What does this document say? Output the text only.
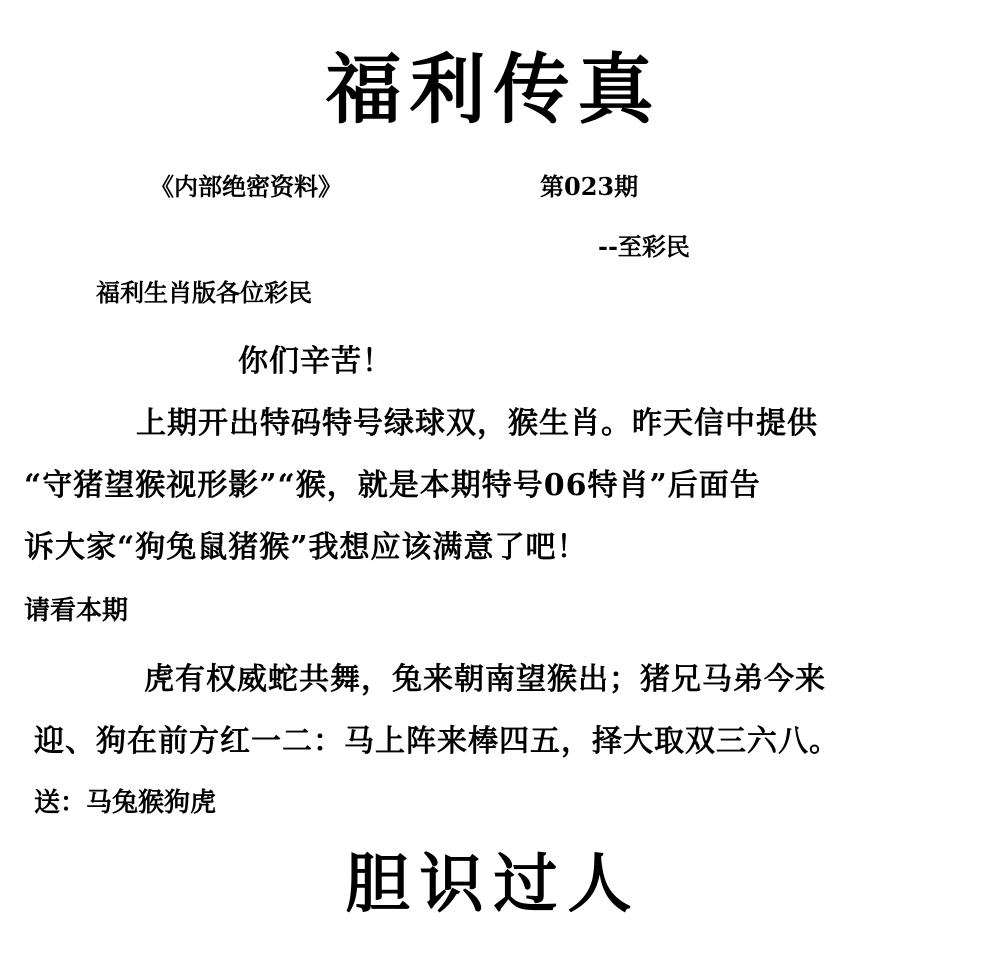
福利传真
《内部绝密资料》	第023期
--至彩民
福利生肖版各位彩民
你们辛苦！
上期开出特码特号绿球双，猴生肖。昨天信中提供
“守猪望猴视形影”“猴，就是本期特号06特肖”后面告
诉大家“狗兔鼠猪猴”我想应该满意了吧！
请看本期
虎有权威蛇共舞，兔来朝南望猴出；猪兄马弟今来
迎、狗在前方红一二：马上阵来棒四五，择大取双三六八。
送：马兔猴狗虎
胆识过人
